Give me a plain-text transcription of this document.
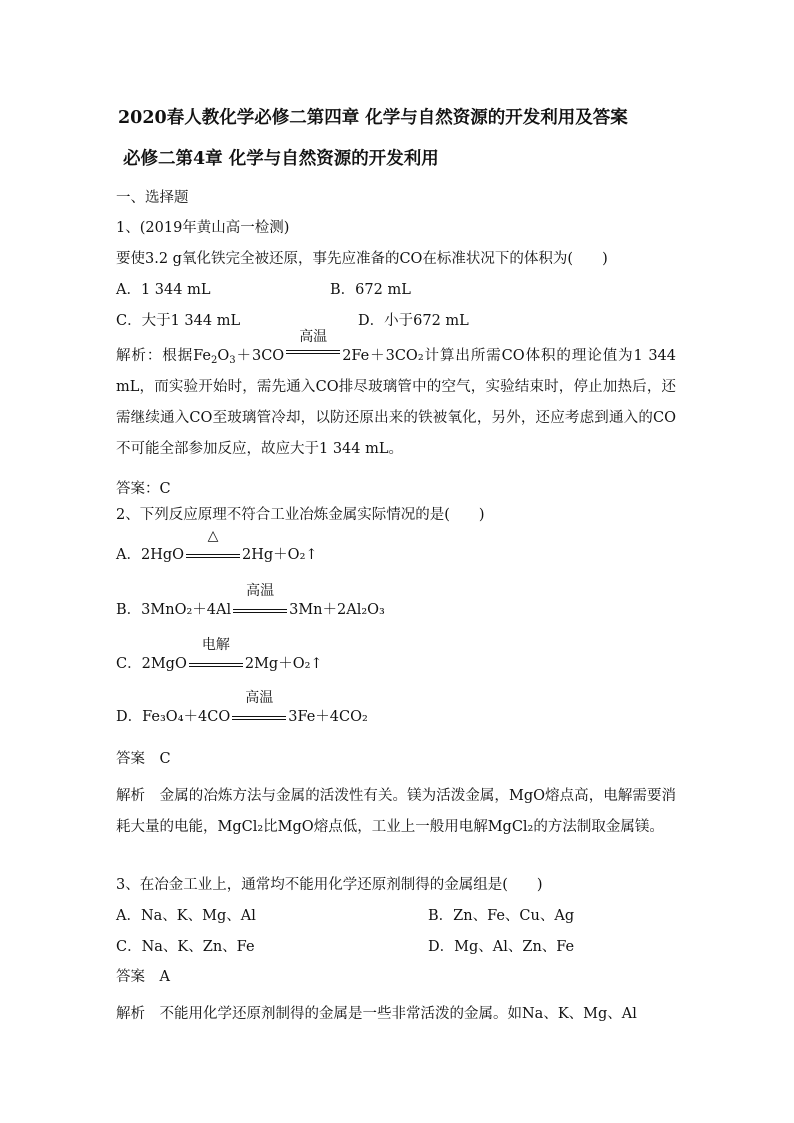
2020春人教化学必修二第四章 化学与自然资源的开发利用及答案
必修二第4章 化学与自然资源的开发利用
一、选择题
1、(2019年黄山高一检测)
要使3.2 g氧化铁完全被还原，事先应准备的CO在标准状况下的体积为(　　)
A．1 344 mL	B．672 mL
C．大于1 344 mL	D．小于672 mL
解析：根据$Fe_2O_3+3CO$
高温
2Fe＋3CO₂计算出所需CO体积的理论值为1 344 mL，而实验开始时，需先通入CO排尽玻璃管中的空气，实验结束时，停止加热后，还需继续通入CO至玻璃管冷却，以防还原出来的铁被氧化，另外，还应考虑到通入的CO不可能全部参加反应，故应大于1 344 mL。
答案：C
2、下列反应原理不符合工业冶炼金属实际情况的是(　　)
A．2HgO
△
2Hg＋O₂↑
B．3MnO₂＋4Al
高温
3Mn＋2Al₂O₃
C．2MgO
电解
2Mg＋O₂↑
D．Fe₃O₄＋4CO
高温
3Fe＋4CO₂
答案　C
解析　金属的冶炼方法与金属的活泼性有关。镁为活泼金属，MgO熔点高，电解需要消耗大量的电能，MgCl₂比MgO熔点低，工业上一般用电解MgCl₂的方法制取金属镁。
3、在冶金工业上，通常均不能用化学还原剂制得的金属组是(　　)
A．Na、K、Mg、Al	B．Zn、Fe、Cu、Ag
C．Na、K、Zn、Fe	D．Mg、Al、Zn、Fe
答案　A
解析　不能用化学还原剂制得的金属是一些非常活泼的金属。如Na、K、Mg、Al
